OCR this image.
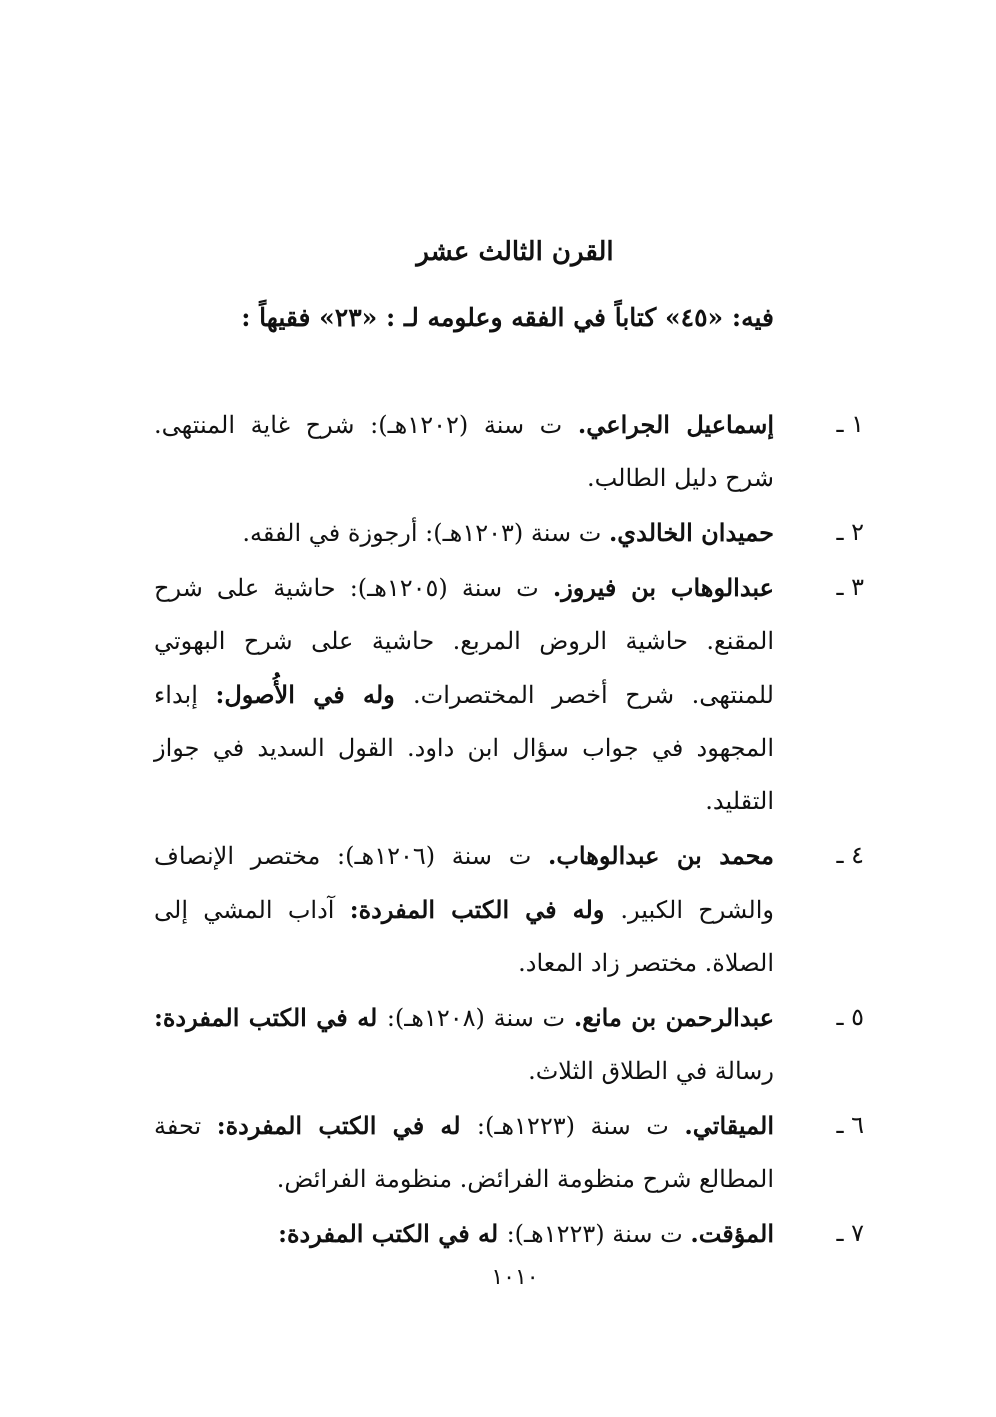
القرن الثالث عشر
فيه: «٤٥» كتاباً في الفقه وعلومه لـ : «٢٣» فقيهاً :
١ ـ
إسماعيل الجراعي. ت سنة (١٢٠٢هـ): شرح غاية المنتهى. شرح دليل الطالب.
٢ ـ
حميدان الخالدي. ت سنة (١٢٠٣هـ): أرجوزة في الفقه.
٣ ـ
عبدالوهاب بن فيروز. ت سنة (١٢٠٥هـ): حاشية على شرح المقنع. حاشية الروض المربع. حاشية على شرح البهوتي للمنتهى. شرح أخصر المختصرات. وله في الأُصول: إبداء المجهود في جواب سؤال ابن داود. القول السديد في جواز التقليد.
٤ ـ
محمد بن عبدالوهاب. ت سنة (١٢٠٦هـ): مختصر الإنصاف والشرح الكبير. وله في الكتب المفردة: آداب المشي إلى الصلاة. مختصر زاد المعاد.
٥ ـ
عبدالرحمن بن مانع. ت سنة (١٢٠٨هـ): له في الكتب المفردة: رسالة في الطلاق الثلاث.
٦ ـ
الميقاتي. ت سنة (١٢٢٣هـ): له في الكتب المفردة: تحفة المطالع شرح منظومة الفرائض. منظومة الفرائض.
٧ ـ
المؤقت. ت سنة (١٢٢٣هـ): له في الكتب المفردة:
١٠١٠
